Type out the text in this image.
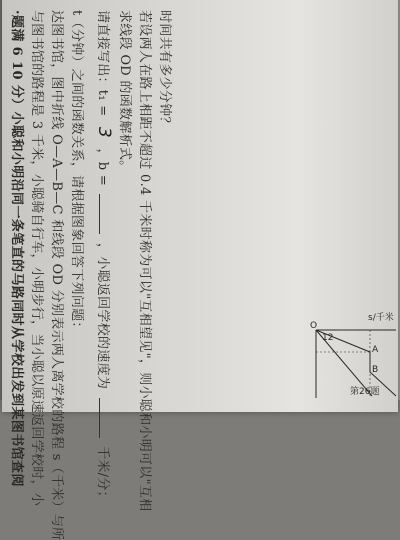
·题满 6 10 分）小聪和小明沿同一条笔直的马路同时从学校出发到某图书馆查阅 与图书馆的路程是 3 千米，小聪骑自行车，小明步行，当小聪以原速返回学校时，小 达图书馆，图中折线 O—A—B—C 和线段 OD 分别表示两人离学校的路程 s（千米）与所 t（分钟）之间的函数关系，请根据图象回答下列问题： 请直接写出：t₁ = 3 ，b =  ，小聪返回学校的速度为  千米/分；
求线段 OD 的函数解析式。 若设两人在路上相距不超过 0.4 千米时称为可以"互相望见"，则小聪和小明可以"互相 时间共有多少分钟？
O
A
B
12
s/千米
第26题
